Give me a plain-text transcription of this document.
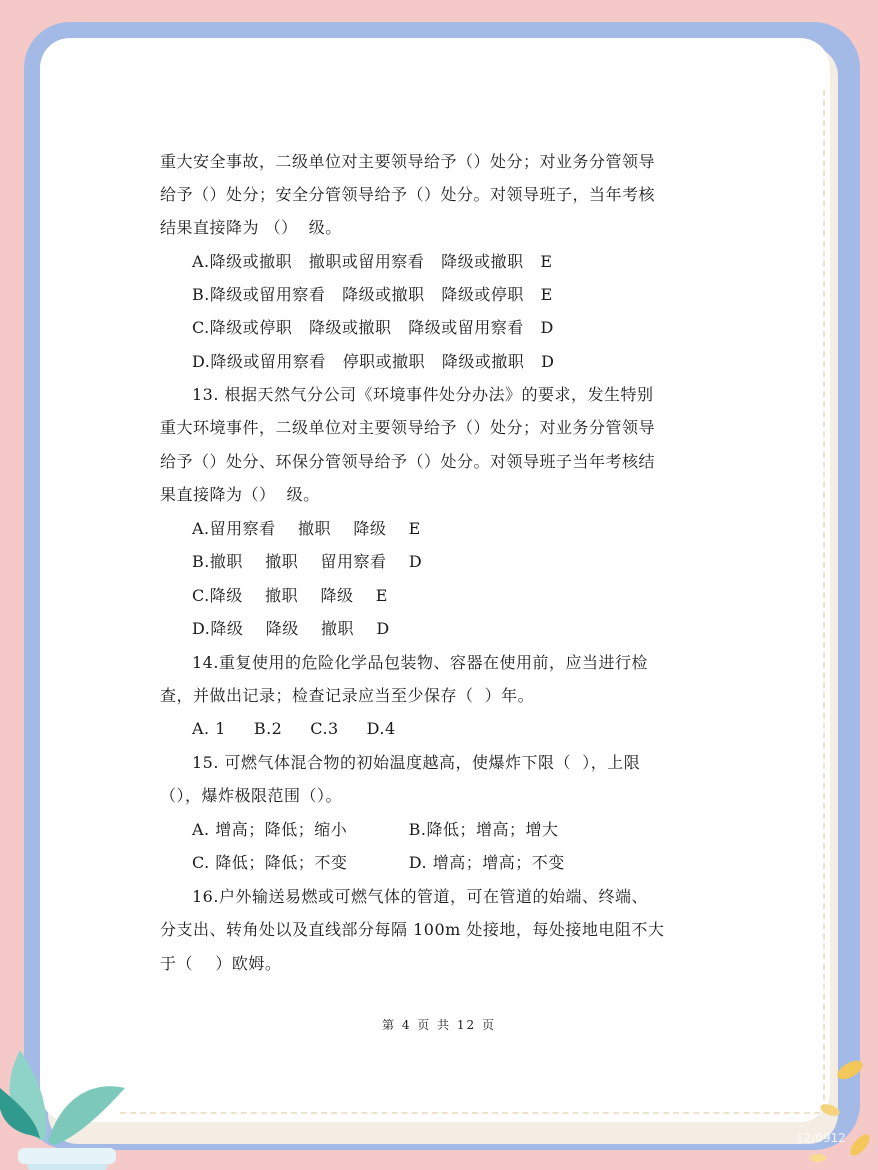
重大安全事故，二级单位对主要领导给予（）处分；对业务分管领导
给予（）处分；安全分管领导给予（）处分。对领导班子，当年考核
结果直接降为 （）  级。
A.降级或撤职   撤职或留用察看   降级或撤职   E
B.降级或留用察看   降级或撤职   降级或停职   E
C.降级或停职   降级或撤职   降级或留用察看   D
D.降级或留用察看   停职或撤职   降级或撤职   D
13. 根据天然气分公司《环境事件处分办法》的要求，发生特别
重大环境事件，二级单位对主要领导给予（）处分；对业务分管领导
给予（）处分、环保分管领导给予（）处分。对领导班子当年考核结
果直接降为（）  级。
A.留用察看    撤职    降级    E
B.撤职    撤职    留用察看    D
C.降级    撤职    降级    E
D.降级    降级    撤职    D
14.重复使用的危险化学品包装物、容器在使用前，应当进行检
查，并做出记录；检查记录应当至少保存（  ）年。
A. 1     B.2     C.3     D.4
15. 可燃气体混合物的初始温度越高，使爆炸下限（  ），上限
（），爆炸极限范围（）。
A. 增高；降低；缩小           B.降低；增高；增大
C. 降低；降低；不变           D. 增高；增高；不变
16.户外输送易燃或可燃气体的管道，可在管道的始端、终端、
分支出、转角处以及直线部分每隔 100m 处接地，每处接地电阻不大
于（    ）欧姆。
第 4 页 共 12 页
12/0912
